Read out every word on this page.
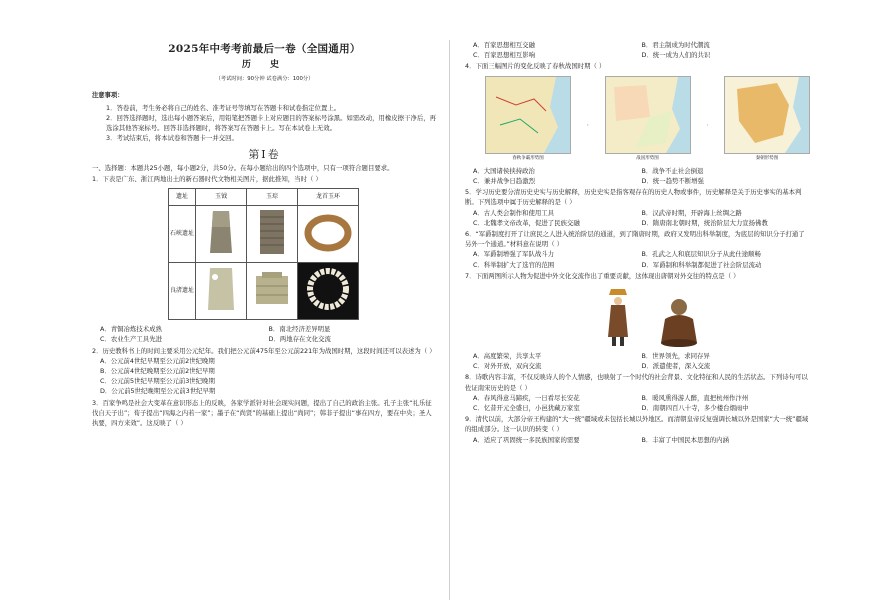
2025年中考考前最后一卷（全国通用）
历 史
（考试时间：90分钟 试卷满分：100分）
注意事项：

1．答卷前，考生务必将自己的姓名、准考证号等填写在答题卡和试卷指定位置上。

2．回答选择题时，选出每小题答案后，用铅笔把答题卡上对应题目的答案标号涂黑。如需改动，用橡皮擦干净后，再选涂其他答案标号。回答非选择题时，将答案写在答题卡上。写在本试卷上无效。

3．考试结束后，将本试卷和答题卡一并交回。

第Ⅰ卷

一、选择题：本题共25小题，每小题2分，共50分。在每小题给出的四个选项中，只有一项符合题目要求。

1．下表是广东、浙江两地出土的新石器时代文物相关图片，据此推知，当时（ ）

遗址	玉钺	玉琮	龙首玉环
石峡遗址			
良渚遗址			
A．青铜冶炼技术成熟	B．南北经济差异明显
C．农业生产工具先进	D．两地存在文化交流

2．历史教科书上的时间主要采用公元纪年。我们把公元前475年至公元前221年为战国时期，这段时间还可以表述为（ ）

A．公元前4世纪早期至公元前2世纪晚期

B．公元前4世纪晚期至公元前2世纪早期

C．公元前5世纪早期至公元前3世纪晚期

D．公元前5世纪晚期至公元前3世纪早期

3．百家争鸣是社会大变革在意识形态上的反映，各家学派针对社会现实问题，提出了自己的政治主张。孔子主张“礼乐征伐自天子出”；荀子提出“四海之内若一家”；墨子在“尚贤”的基础上提出“尚同”；韩非子提出“事在四方，要在中央；圣人执要，四方来效”。这反映了（ ）

A．百家思想相互交融	B．君主制成为时代潮流
C．百家思想相互影响	D．统一成为人们的共识

4．下面三幅图片的变化反映了春秋战国时期（ ）

春秋争霸形势图	战国形势图	秦朝形势图
A．大国诸侯挟持政治	B．战争不止社会倒退
C．兼并战争日趋激烈	D．统一趋势不断增强

5．学习历史要分清历史史实与历史解释，历史史实是指客观存在的历史人物或事件，历史解释是关于历史事实的基本判断。下列选项中属于历史解释的是（ ）

A．古人类会制作和使用工具	B．汉武帝时期，开辟海上丝绸之路
C．北魏孝文帝改革，促进了民族交融	D．隋唐南北朝时期，统治阶层大力宣扬佛教

6．“军爵制度打开了让庶民之人进入统治阶层的通道，到了隋唐时期，政府又发明出科举制度，为底层的知识分子打通了另外一个通道。”材料意在说明（ ）

A．军爵制增强了军队战斗力	B．孔武之人和底层知识分子从此仕途顺畅
C．科举制扩大了选官的范围	D．军爵制和科举制都促进了社会阶层流动

7．下面两图所示人物为促进中外文化交流作出了重要贡献，这体现出唐朝对外交往的特点是（ ）

A．高度繁荣，共享太平	B．世界领先，求同存异
C．对外开放，双向交流	D．派遣使者，深入交流

8．诗歌内容丰富，不仅反映诗人的个人情感，也映射了一个时代的社会背景、文化特征和人民的生活状态。下列诗句可以佐证南宋历史的是（ ）

A．春风得意马蹄疾，一日看尽长安花	B．暖风熏得游人醉，直把杭州作汴州
C．忆昔开元全盛日，小邑犹藏万家室	D．南朝四百八十寺，多少楼台烟雨中

9．清代以前，大部分帝王构建的“大一统”疆域或未包括长城以外地区。而清朝皇帝反复强调长城以外是国家“大一统”疆域的组成部分。这一认识的转变（ ）

A．适应了巩固统一多民族国家的需要	B．丰富了中国民本思想的内涵
